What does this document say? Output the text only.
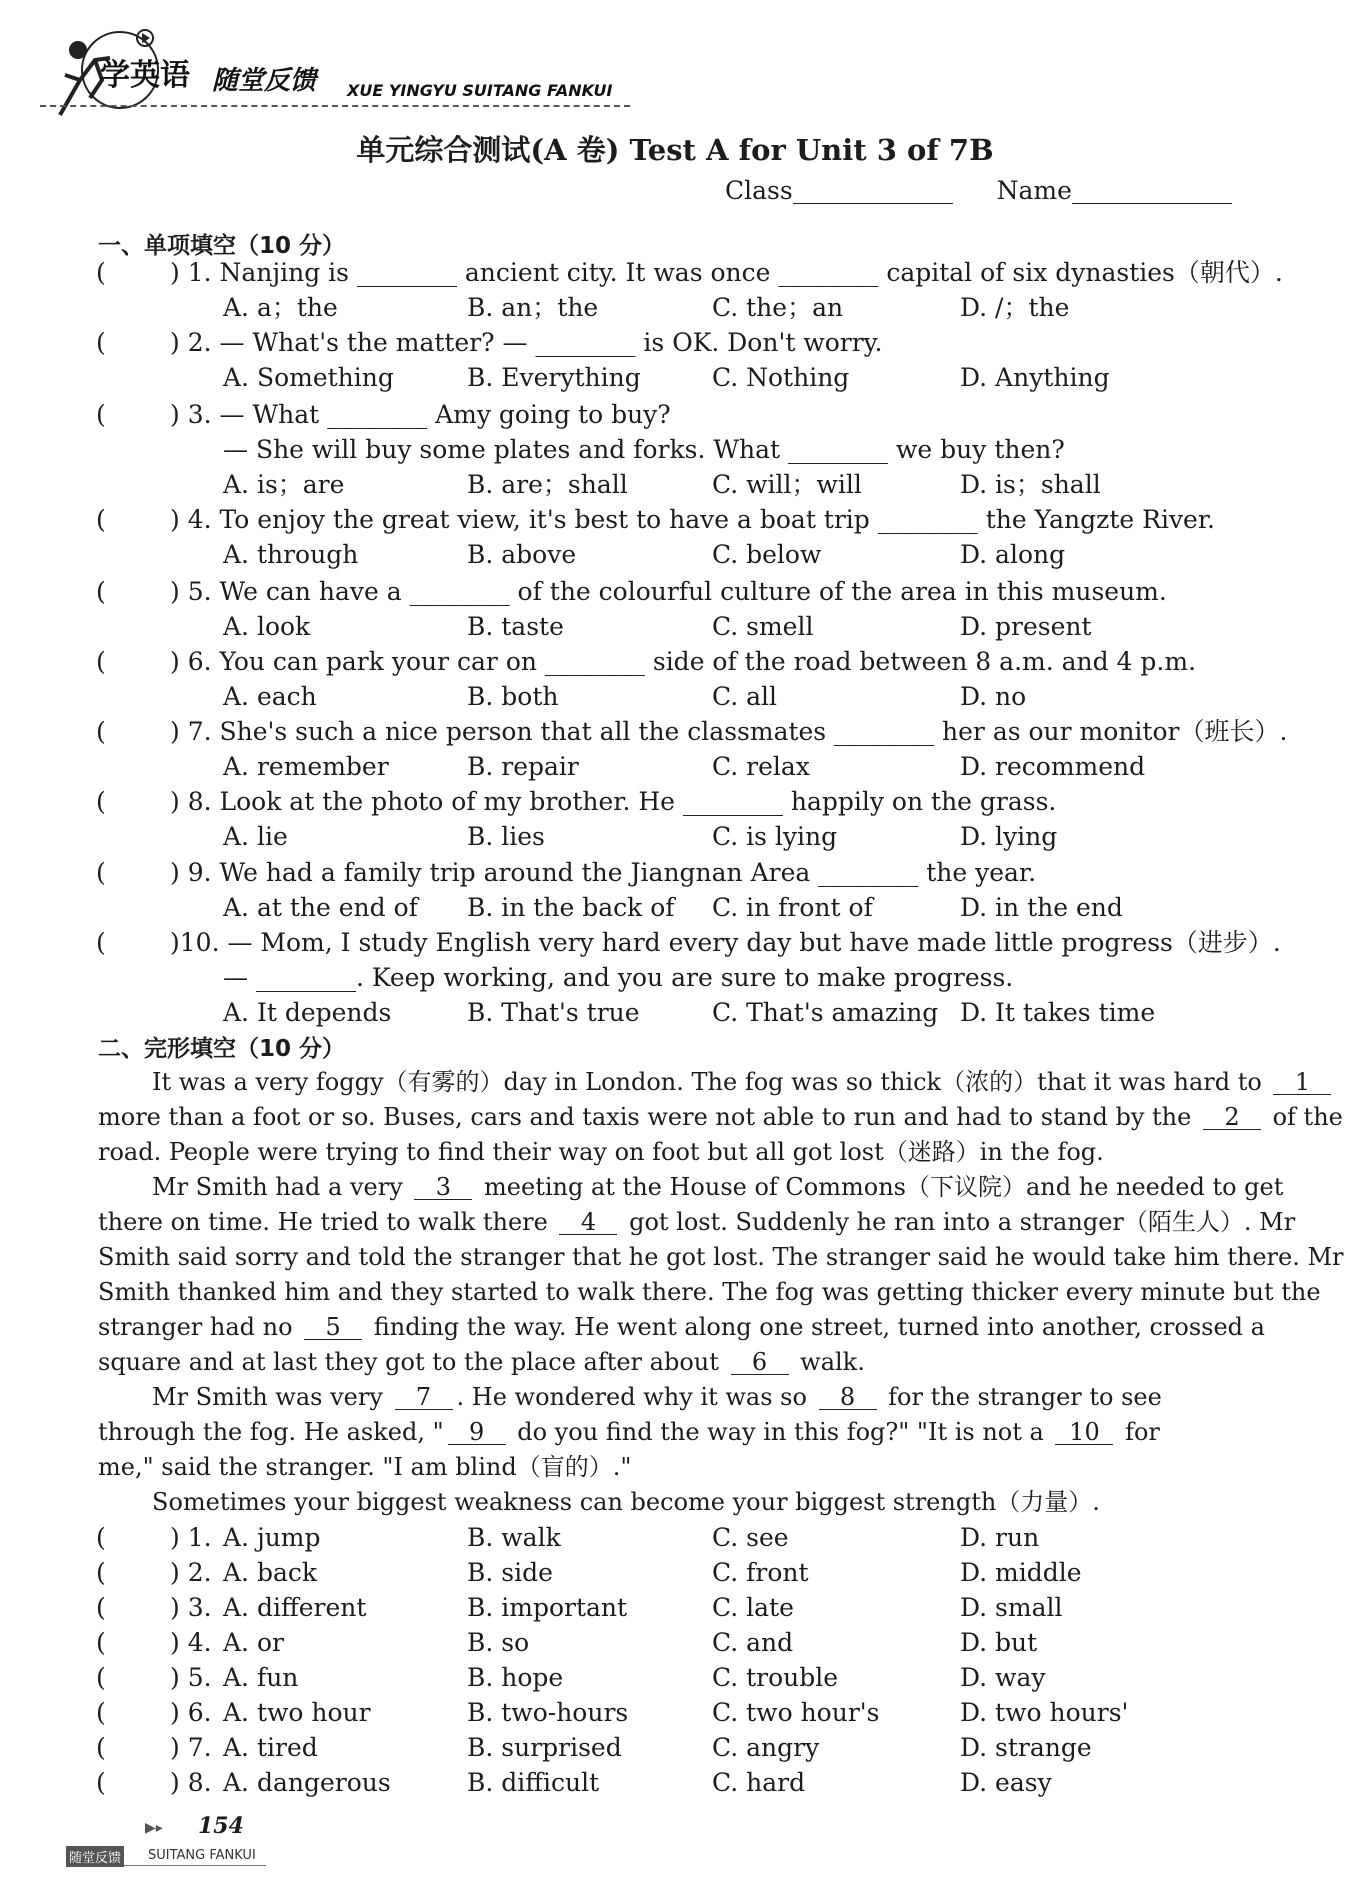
学英语 随堂反馈 XUE YINGYU SUITANG FANKUI
单元综合测试(A 卷) Test A for Unit 3 of 7B
Class	Name
一、单项填空（10 分）
二、完形填空（10 分）
▶▸ 154
随堂反馈 SUITANG FANKUI
(	) 1. Nanjing is ________ ancient city. It was once ________ capital of six dynasties（朝代）.
A. a；the	B. an；the	C. the；an	D. /；the
(	) 2. — What's the matter? — ________ is OK. Don't worry.
A. Something	B. Everything	C. Nothing	D. Anything
(	) 3. — What ________ Amy going to buy?
— She will buy some plates and forks. What ________ we buy then?
A. is；are	B. are；shall	C. will；will	D. is；shall
(	) 4. To enjoy the great view, it's best to have a boat trip ________ the Yangzte River.
A. through	B. above	C. below	D. along
(	) 5. We can have a ________ of the colourful culture of the area in this museum.
A. look	B. taste	C. smell	D. present
(	) 6. You can park your car on ________ side of the road between 8 a.m. and 4 p.m.
A. each	B. both	C. all	D. no
(	) 7. She's such a nice person that all the classmates ________ her as our monitor（班长）.
A. remember	B. repair	C. relax	D. recommend
(	) 8. Look at the photo of my brother. He ________ happily on the grass.
A. lie	B. lies	C. is lying	D. lying
(	) 9. We had a family trip around the Jiangnan Area ________ the year.
A. at the end of B. in the back of C. in front of	D. in the end
(	)10. — Mom, I study English very hard every day but have made little progress（进步）.
— ________. Keep working, and you are sure to make progress.
A. It depends	B. That's true	C. That's amazing D. It takes time
It was a very foggy（有雾的）day in London. The fog was so thick（浓的）that it was hard to 1
more than a foot or so. Buses, cars and taxis were not able to run and had to stand by the 2 of the
road. People were trying to find their way on foot but all got lost（迷路）in the fog.
Mr Smith had a very 3 meeting at the House of Commons（下议院）and he needed to get
there on time. He tried to walk there 4 got lost. Suddenly he ran into a stranger（陌生人）. Mr
Smith said sorry and told the stranger that he got lost. The stranger said he would take him there. Mr
Smith thanked him and they started to walk there. The fog was getting thicker every minute but the
stranger had no 5 finding the way. He went along one street, turned into another, crossed a
square and at last they got to the place after about 6 walk.
Mr Smith was very 7 . He wondered why it was so 8 for the stranger to see
through the fog. He asked, " 9 do you find the way in this fog?" "It is not a 10 for
me," said the stranger. "I am blind（盲的）."
Sometimes your biggest weakness can become your biggest strength（力量）.
(	) 1. A. jump	B. walk	C. see	D. run
(	) 2. A. back	B. side	C. front	D. middle
(	) 3. A. different	B. important	C. late	D. small
(	) 4. A. or	B. so	C. and	D. but
(	) 5. A. fun	B. hope	C. trouble	D. way
(	) 6. A. two hour	B. two-hours	C. two hour's	D. two hours'
(	) 7. A. tired	B. surprised	C. angry	D. strange
(	) 8. A. dangerous	B. difficult	C. hard	D. easy
